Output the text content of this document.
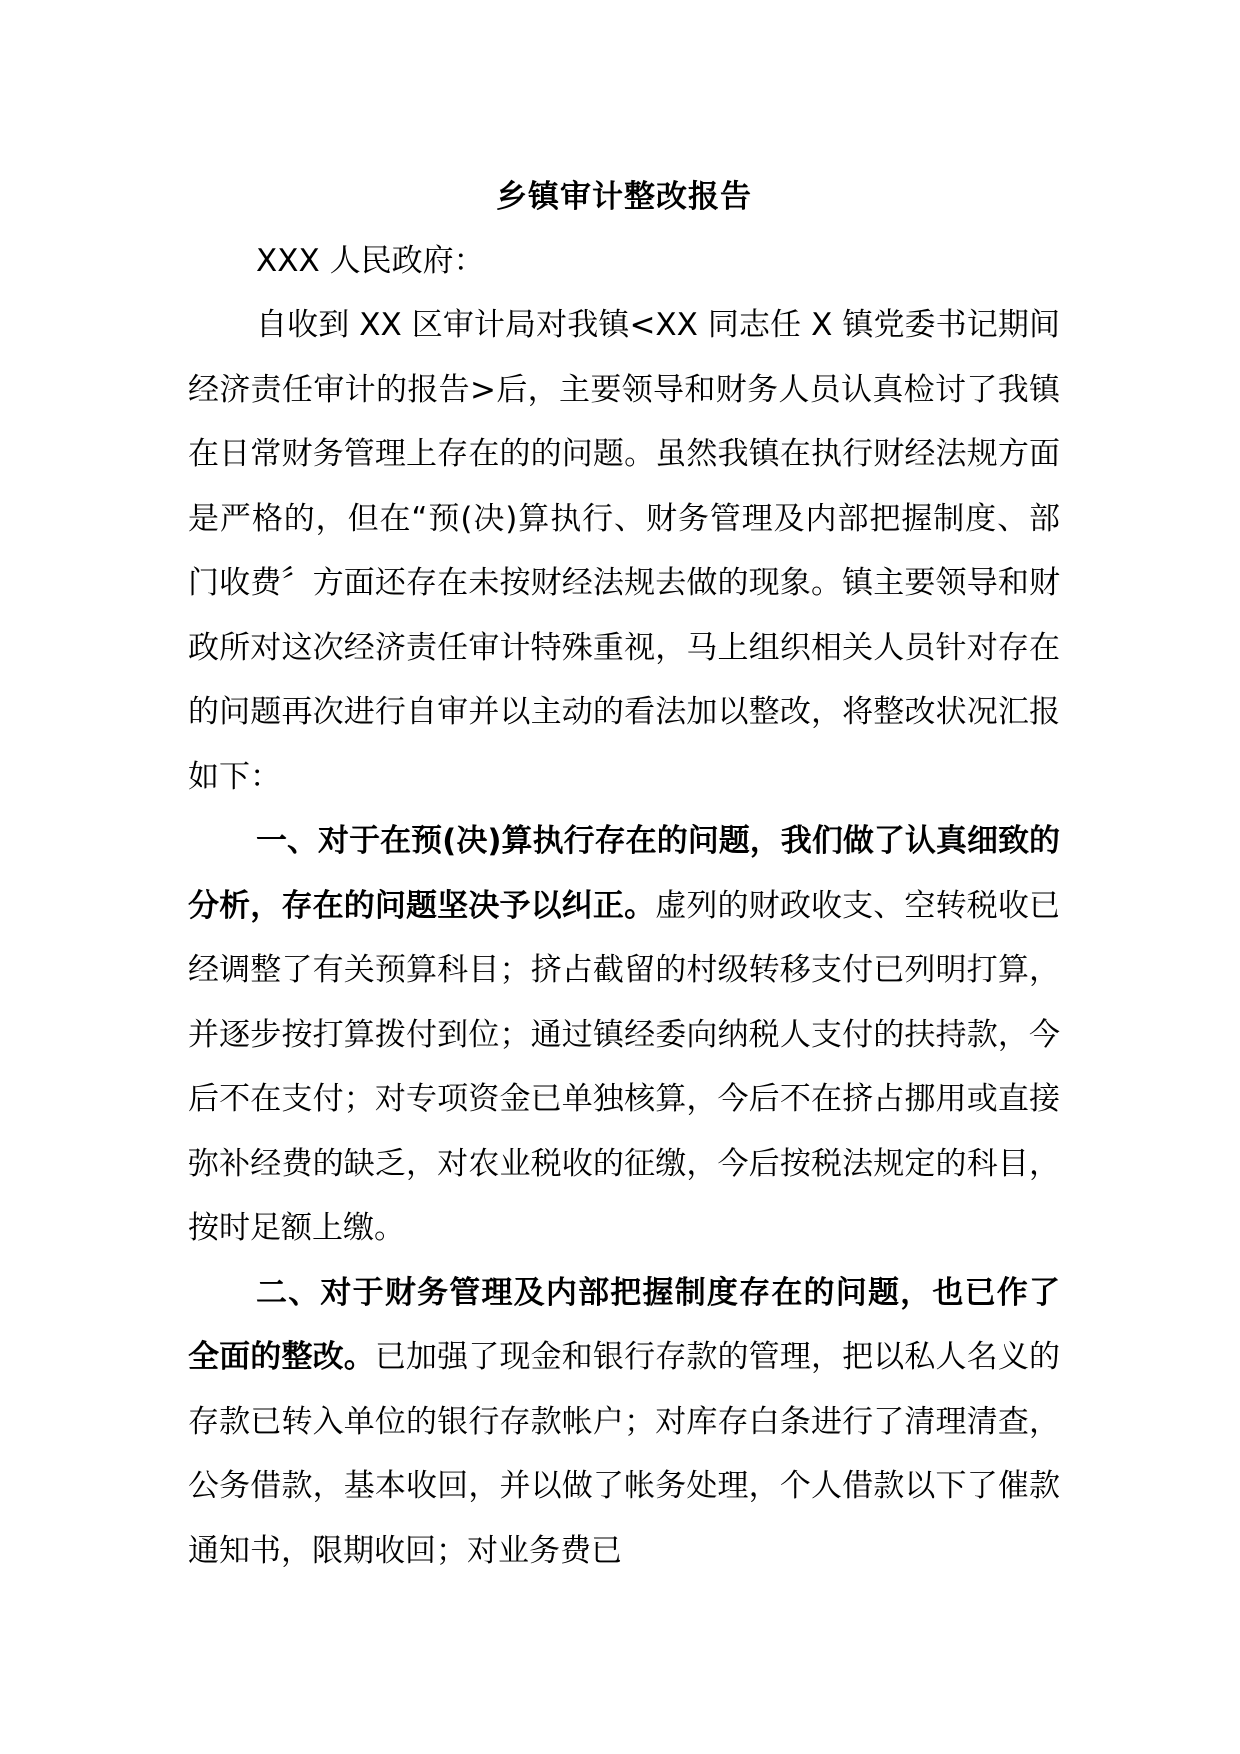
乡镇审计整改报告

XXX 人民政府：

自收到 XX 区审计局对我镇<XX 同志任 X 镇党委书记期间经济责任审计的报告>后，主要领导和财务人员认真检讨了我镇在日常财务管理上存在的的问题。虽然我镇在执行财经法规方面是严格的，但在“预(决)算执行、财务管理及内部把握制度、部门收费〞方面还存在未按财经法规去做的现象。镇主要领导和财政所对这次经济责任审计特殊重视，马上组织相关人员针对存在的问题再次进行自审并以主动的看法加以整改，将整改状况汇报如下：

一、对于在预(决)算执行存在的问题，我们做了认真细致的分析，存在的问题坚决予以纠正。虚列的财政收支、空转税收已经调整了有关预算科目；挤占截留的村级转移支付已列明打算，并逐步按打算拨付到位；通过镇经委向纳税人支付的扶持款，今后不在支付；对专项资金已单独核算，今后不在挤占挪用或直接弥补经费的缺乏，对农业税收的征缴，今后按税法规定的科目，按时足额上缴。

二、对于财务管理及内部把握制度存在的问题，也已作了全面的整改。已加强了现金和银行存款的管理，把以私人名义的存款已转入单位的银行存款帐户；对库存白条进行了清理清查，公务借款，基本收回，并以做了帐务处理，个人借款以下了催款通知书，限期收回；对业务费已
